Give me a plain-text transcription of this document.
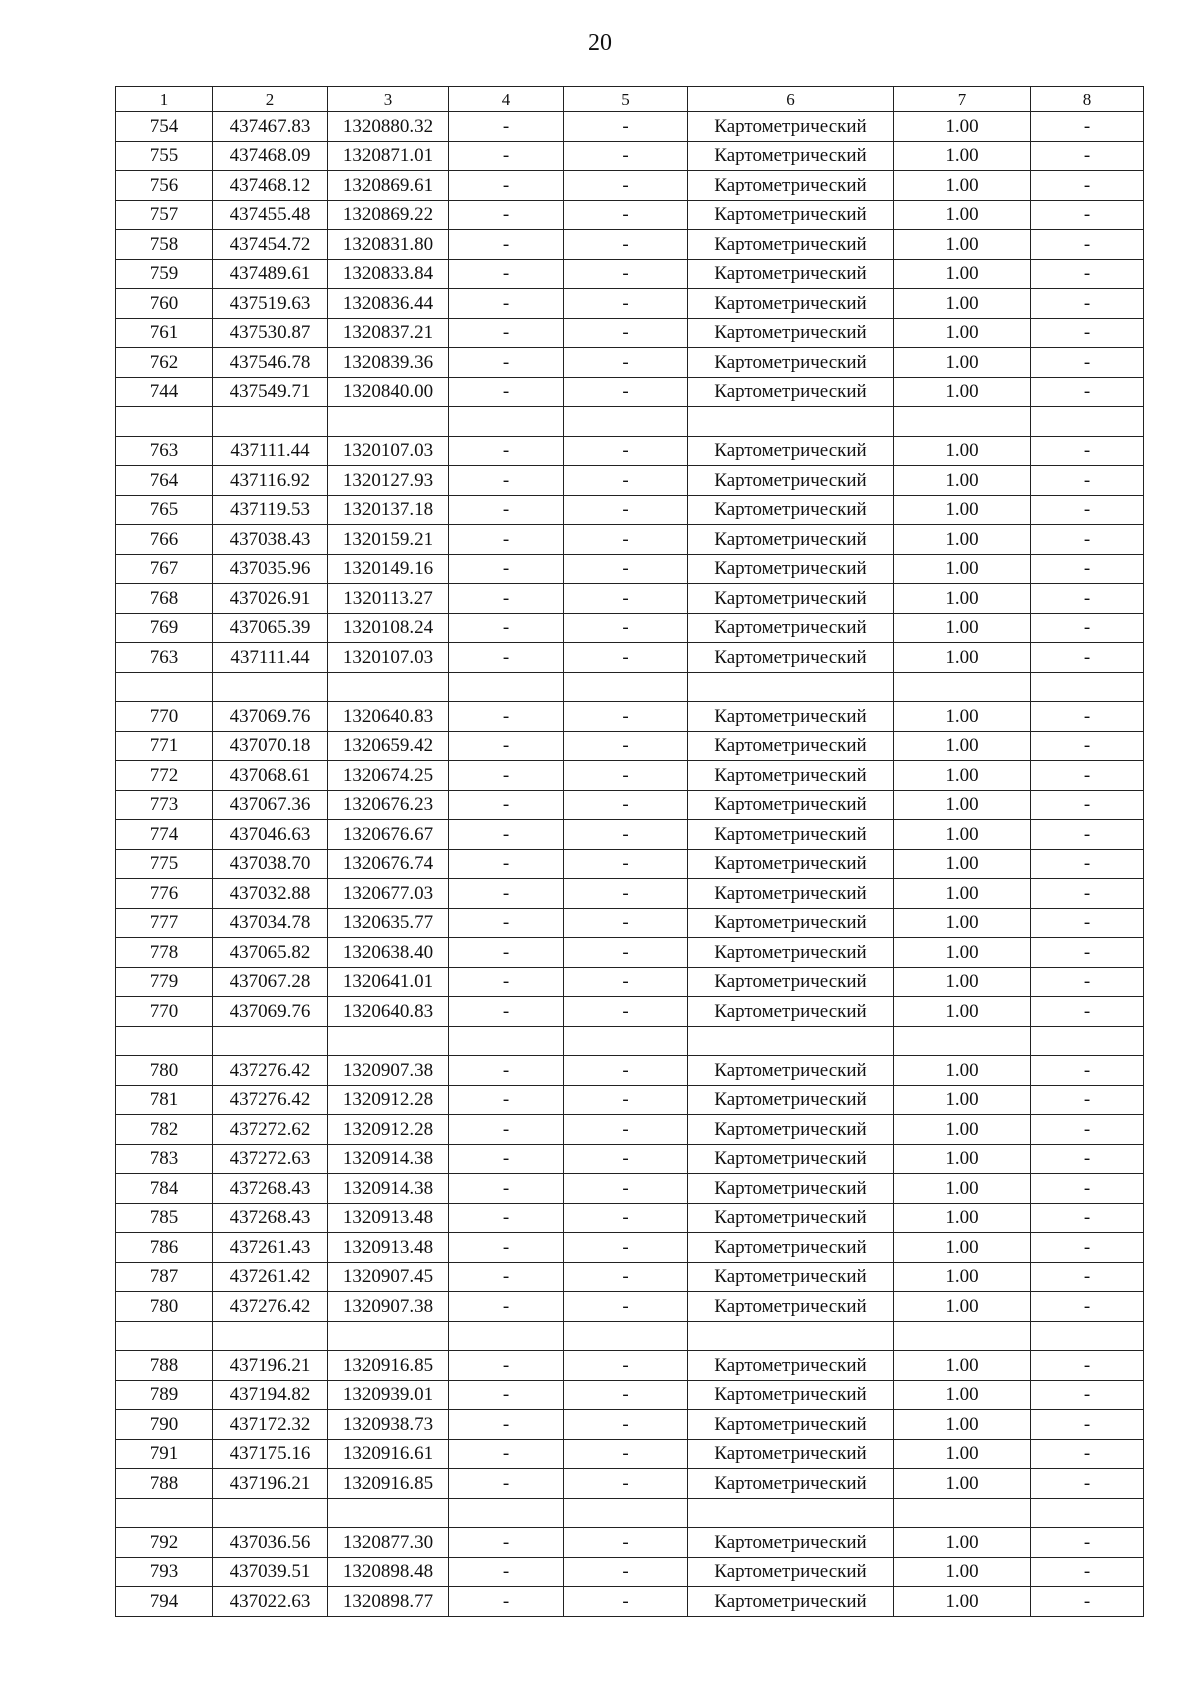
20
1	2	3	4	5	6	7	8
754	437467.83	1320880.32	-	-	Картометрический	1.00	-
755	437468.09	1320871.01	-	-	Картометрический	1.00	-
756	437468.12	1320869.61	-	-	Картометрический	1.00	-
757	437455.48	1320869.22	-	-	Картометрический	1.00	-
758	437454.72	1320831.80	-	-	Картометрический	1.00	-
759	437489.61	1320833.84	-	-	Картометрический	1.00	-
760	437519.63	1320836.44	-	-	Картометрический	1.00	-
761	437530.87	1320837.21	-	-	Картометрический	1.00	-
762	437546.78	1320839.36	-	-	Картометрический	1.00	-
744	437549.71	1320840.00	-	-	Картометрический	1.00	-

763	437111.44	1320107.03	-	-	Картометрический	1.00	-
764	437116.92	1320127.93	-	-	Картометрический	1.00	-
765	437119.53	1320137.18	-	-	Картометрический	1.00	-
766	437038.43	1320159.21	-	-	Картометрический	1.00	-
767	437035.96	1320149.16	-	-	Картометрический	1.00	-
768	437026.91	1320113.27	-	-	Картометрический	1.00	-
769	437065.39	1320108.24	-	-	Картометрический	1.00	-
763	437111.44	1320107.03	-	-	Картометрический	1.00	-

770	437069.76	1320640.83	-	-	Картометрический	1.00	-
771	437070.18	1320659.42	-	-	Картометрический	1.00	-
772	437068.61	1320674.25	-	-	Картометрический	1.00	-
773	437067.36	1320676.23	-	-	Картометрический	1.00	-
774	437046.63	1320676.67	-	-	Картометрический	1.00	-
775	437038.70	1320676.74	-	-	Картометрический	1.00	-
776	437032.88	1320677.03	-	-	Картометрический	1.00	-
777	437034.78	1320635.77	-	-	Картометрический	1.00	-
778	437065.82	1320638.40	-	-	Картометрический	1.00	-
779	437067.28	1320641.01	-	-	Картометрический	1.00	-
770	437069.76	1320640.83	-	-	Картометрический	1.00	-

780	437276.42	1320907.38	-	-	Картометрический	1.00	-
781	437276.42	1320912.28	-	-	Картометрический	1.00	-
782	437272.62	1320912.28	-	-	Картометрический	1.00	-
783	437272.63	1320914.38	-	-	Картометрический	1.00	-
784	437268.43	1320914.38	-	-	Картометрический	1.00	-
785	437268.43	1320913.48	-	-	Картометрический	1.00	-
786	437261.43	1320913.48	-	-	Картометрический	1.00	-
787	437261.42	1320907.45	-	-	Картометрический	1.00	-
780	437276.42	1320907.38	-	-	Картометрический	1.00	-

788	437196.21	1320916.85	-	-	Картометрический	1.00	-
789	437194.82	1320939.01	-	-	Картометрический	1.00	-
790	437172.32	1320938.73	-	-	Картометрический	1.00	-
791	437175.16	1320916.61	-	-	Картометрический	1.00	-
788	437196.21	1320916.85	-	-	Картометрический	1.00	-

792	437036.56	1320877.30	-	-	Картометрический	1.00	-
793	437039.51	1320898.48	-	-	Картометрический	1.00	-
794	437022.63	1320898.77	-	-	Картометрический	1.00	-
